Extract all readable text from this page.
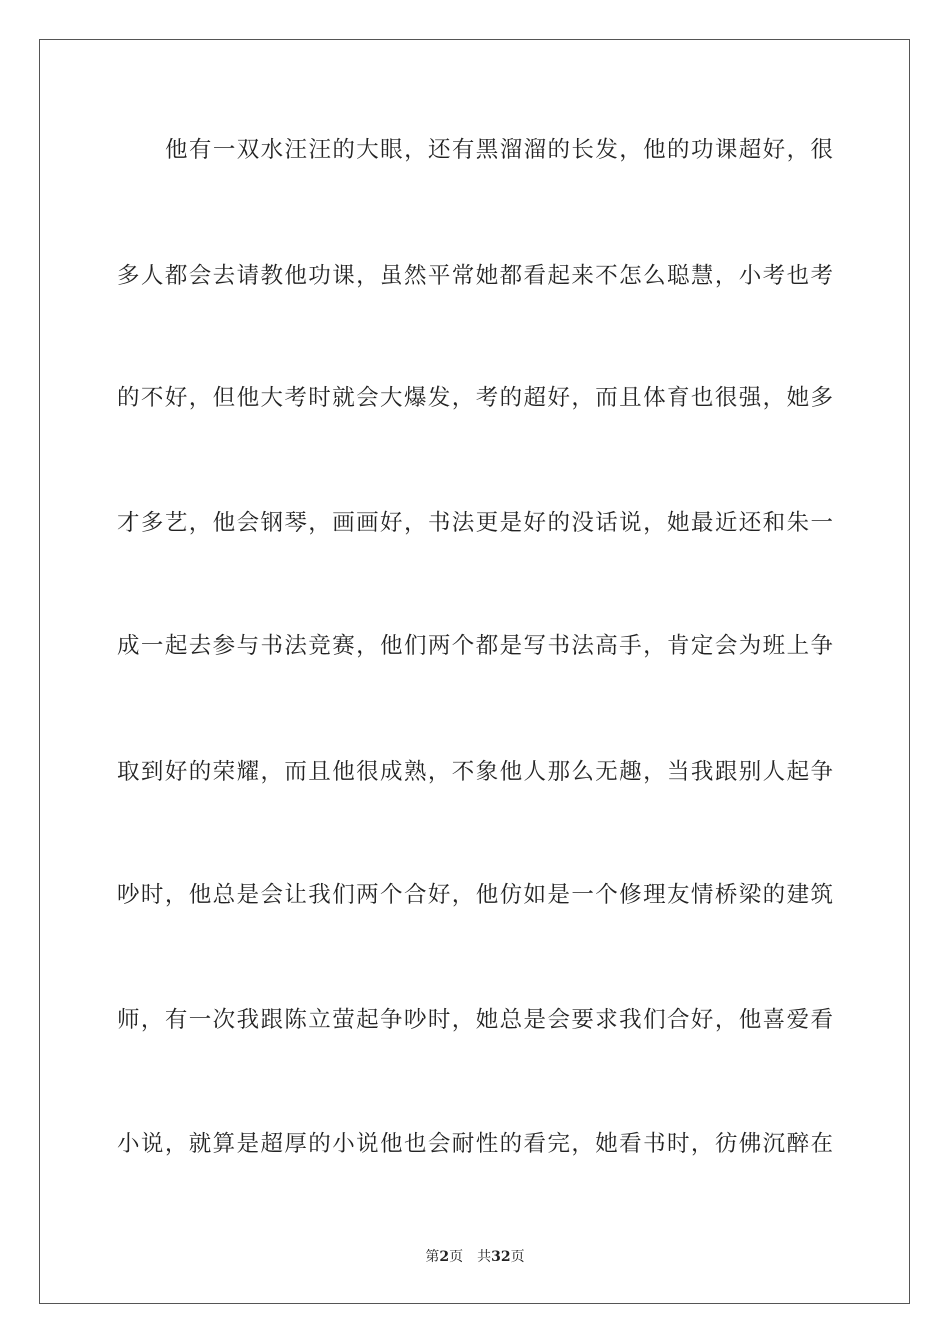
他有一双水汪汪的大眼，还有黑溜溜的长发，他的功课超好，很
多人都会去请教他功课，虽然平常她都看起来不怎么聪慧，小考也考
的不好，但他大考时就会大爆发，考的超好，而且体育也很强，她多
才多艺，他会钢琴，画画好，书法更是好的没话说，她最近还和朱一
成一起去参与书法竞赛，他们两个都是写书法高手，肯定会为班上争
取到好的荣耀，而且他很成熟，不象他人那么无趣，当我跟别人起争
吵时，他总是会让我们两个合好，他仿如是一个修理友情桥梁的建筑
师，有一次我跟陈立萤起争吵时，她总是会要求我们合好，他喜爱看
小说，就算是超厚的小说他也会耐性的看完，她看书时，彷佛沉醉在
第2页 共32页
